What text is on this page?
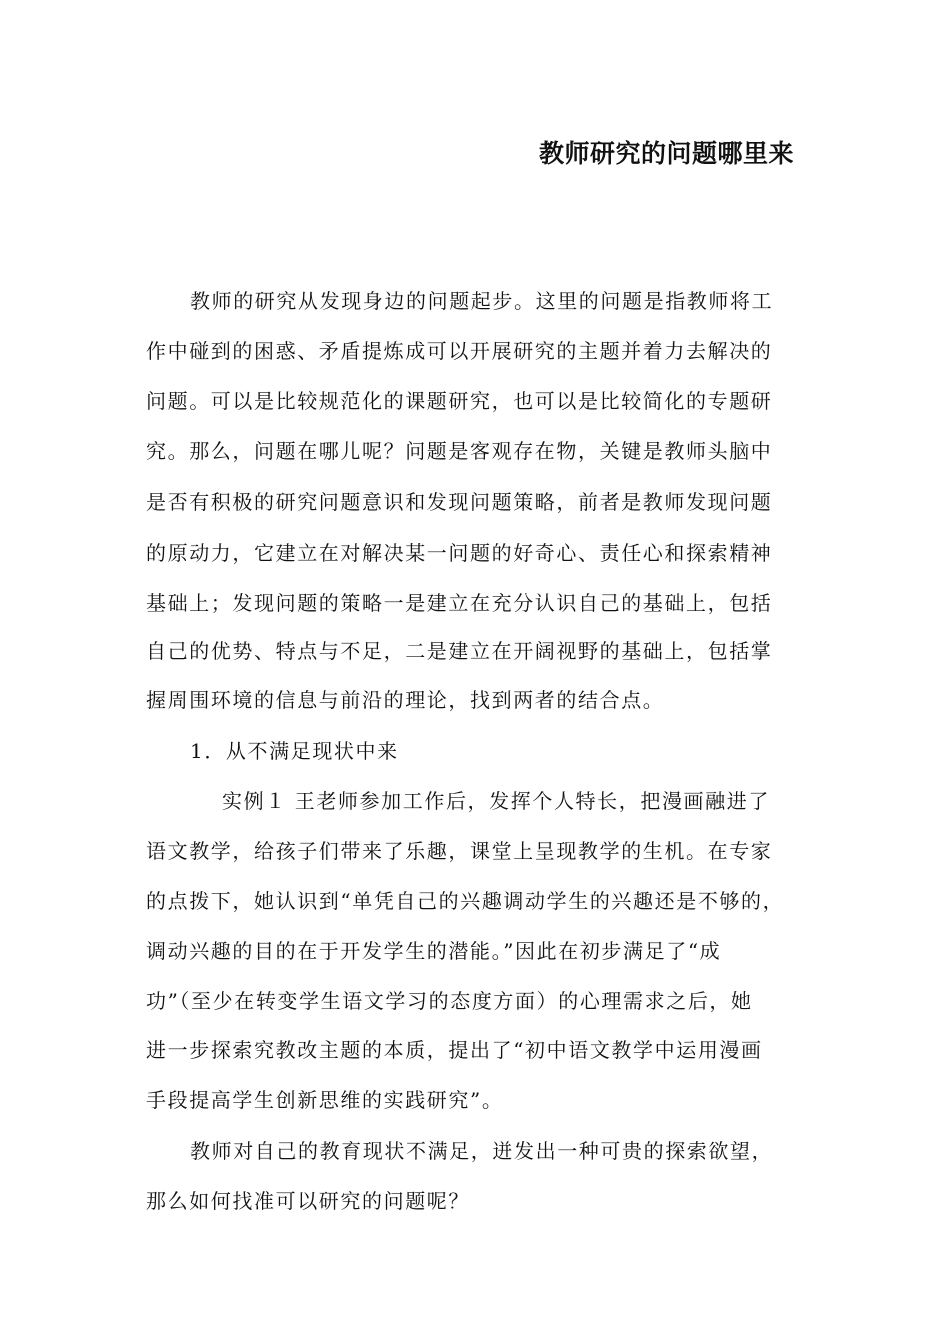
教师研究的问题哪里来
教师的研究从发现身边的问题起步。这里的问题是指教师将工
作中碰到的困惑、矛盾提炼成可以开展研究的主题并着力去解决的
问题。可以是比较规范化的课题研究，也可以是比较简化的专题研
究。那么，问题在哪儿呢？问题是客观存在物，关键是教师头脑中
是否有积极的研究问题意识和发现问题策略，前者是教师发现问题
的原动力，它建立在对解决某一问题的好奇心、责任心和探索精神
基础上；发现问题的策略一是建立在充分认识自己的基础上，包括
自己的优势、特点与不足，二是建立在开阔视野的基础上，包括掌
握周围环境的信息与前沿的理论，找到两者的结合点。
1．从不满足现状中来
实例１ 王老师参加工作后，发挥个人特长，把漫画融进了
语文教学，给孩子们带来了乐趣，课堂上呈现教学的生机。在专家
的点拨下，她认识到“单凭自己的兴趣调动学生的兴趣还是不够的，
调动兴趣的目的在于开发学生的潜能。”因此在初步满足了“成
功”（至少在转变学生语文学习的态度方面）的心理需求之后，她
进一步探索究教改主题的本质，提出了“初中语文教学中运用漫画
手段提高学生创新思维的实践研究”。
教师对自己的教育现状不满足，迸发出一种可贵的探索欲望，
那么如何找准可以研究的问题呢？
